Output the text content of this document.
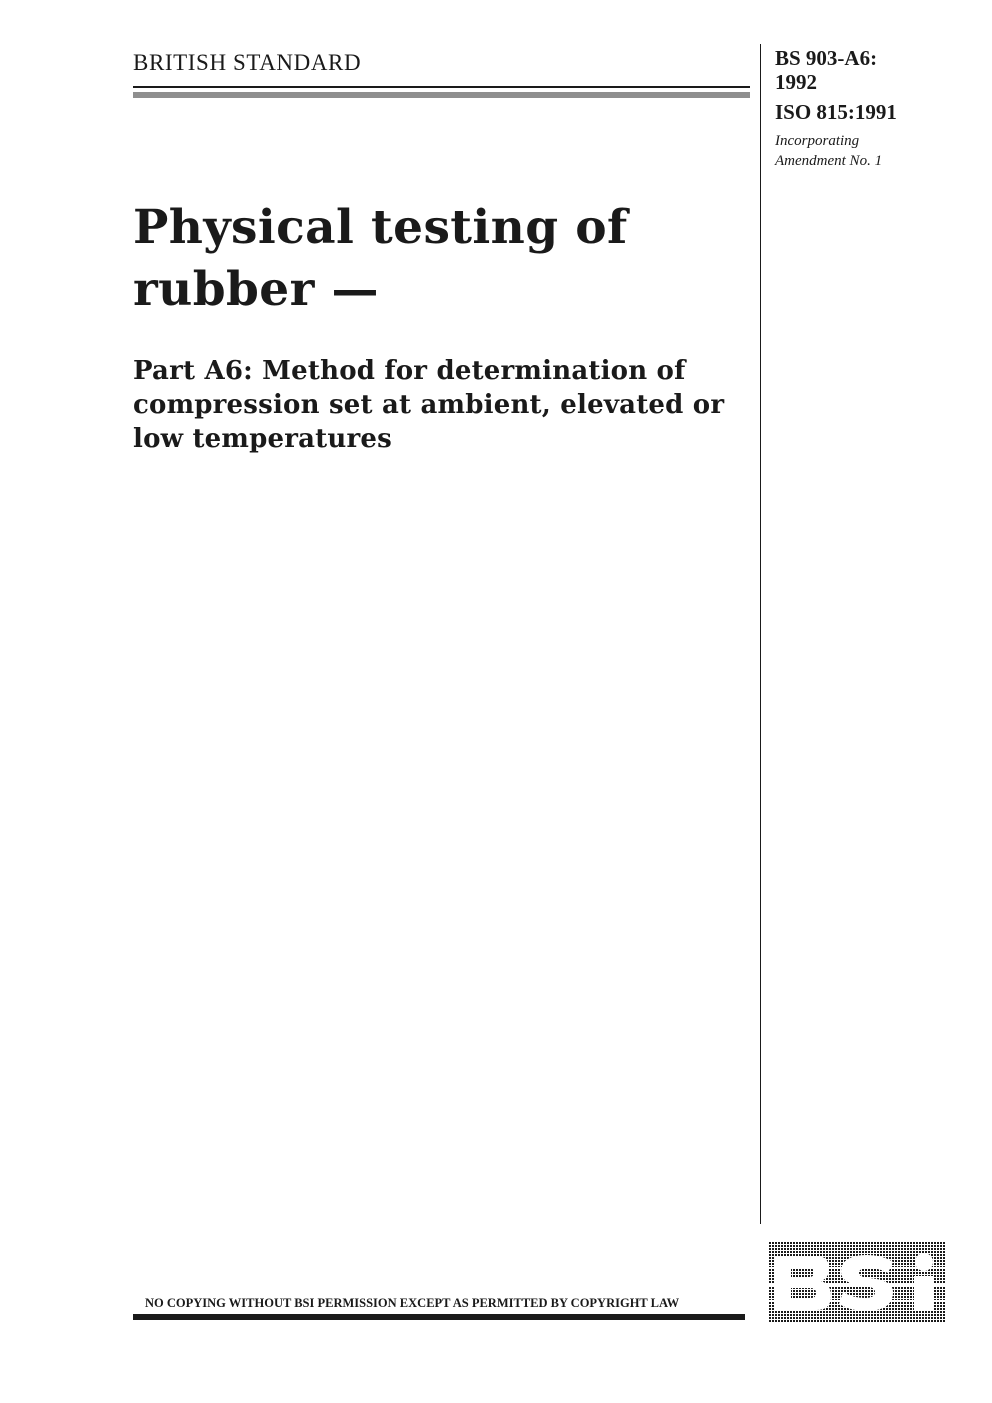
BRITISH STANDARD	BS 903-A6:
1992
ISO 815:1991
Incorporating
Amendment No. 1
Physical testing of
rubber —
Part A6: Method for determination of
compression set at ambient, elevated or
low temperatures
NO COPYING WITHOUT BSI PERMISSION EXCEPT AS PERMITTED BY COPYRIGHT LAW
